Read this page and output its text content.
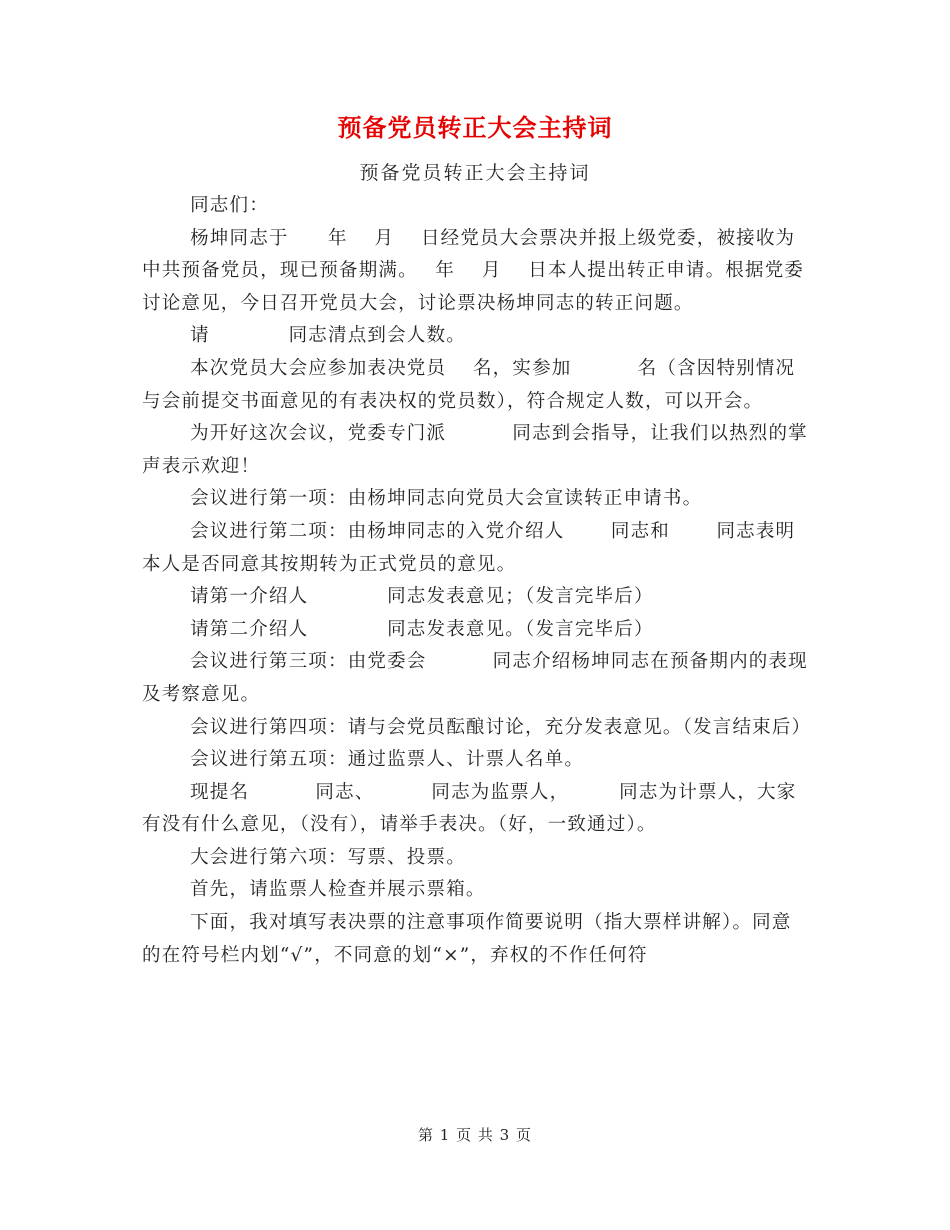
预备党员转正大会主持词
预备党员转正大会主持词

同志们：

杨坤同志于　　年　 月　 日经党员大会票决并报上级党委，被接收为中共预备党员，现已预备期满。　 年　 月　 日本人提出转正申请。根据党委讨论意见，今日召开党员大会，讨论票决杨坤同志的转正问题。

请　　　　同志清点到会人数。

本次党员大会应参加表决党员　 名，实参加　　　 名（含因特别情况与会前提交书面意见的有表决权的党员数），符合规定人数，可以开会。

为开好这次会议，党委专门派　　　 同志到会指导，让我们以热烈的掌声表示欢迎！

会议进行第一项：由杨坤同志向党员大会宣读转正申请书。

会议进行第二项：由杨坤同志的入党介绍人　　 同志和　　 同志表明本人是否同意其按期转为正式党员的意见。

请第一介绍人　　　　同志发表意见；（发言完毕后）

请第二介绍人　　　　同志发表意见。（发言完毕后）

会议进行第三项：由党委会　　　 同志介绍杨坤同志在预备期内的表现及考察意见。

会议进行第四项：请与会党员酝酿讨论，充分发表意见。（发言结束后）

会议进行第五项：通过监票人、计票人名单。

现提名　　　 同志、　　　 同志为监票人，　　　同志为计票人，大家有没有什么意见，（没有），请举手表决。（好，一致通过）。

大会进行第六项：写票、投票。

首先，请监票人检查并展示票箱。

下面，我对填写表决票的注意事项作简要说明（指大票样讲解）。同意的在符号栏内划“√”，不同意的划“×”，弃权的不作任何符

第 1 页 共 3 页
